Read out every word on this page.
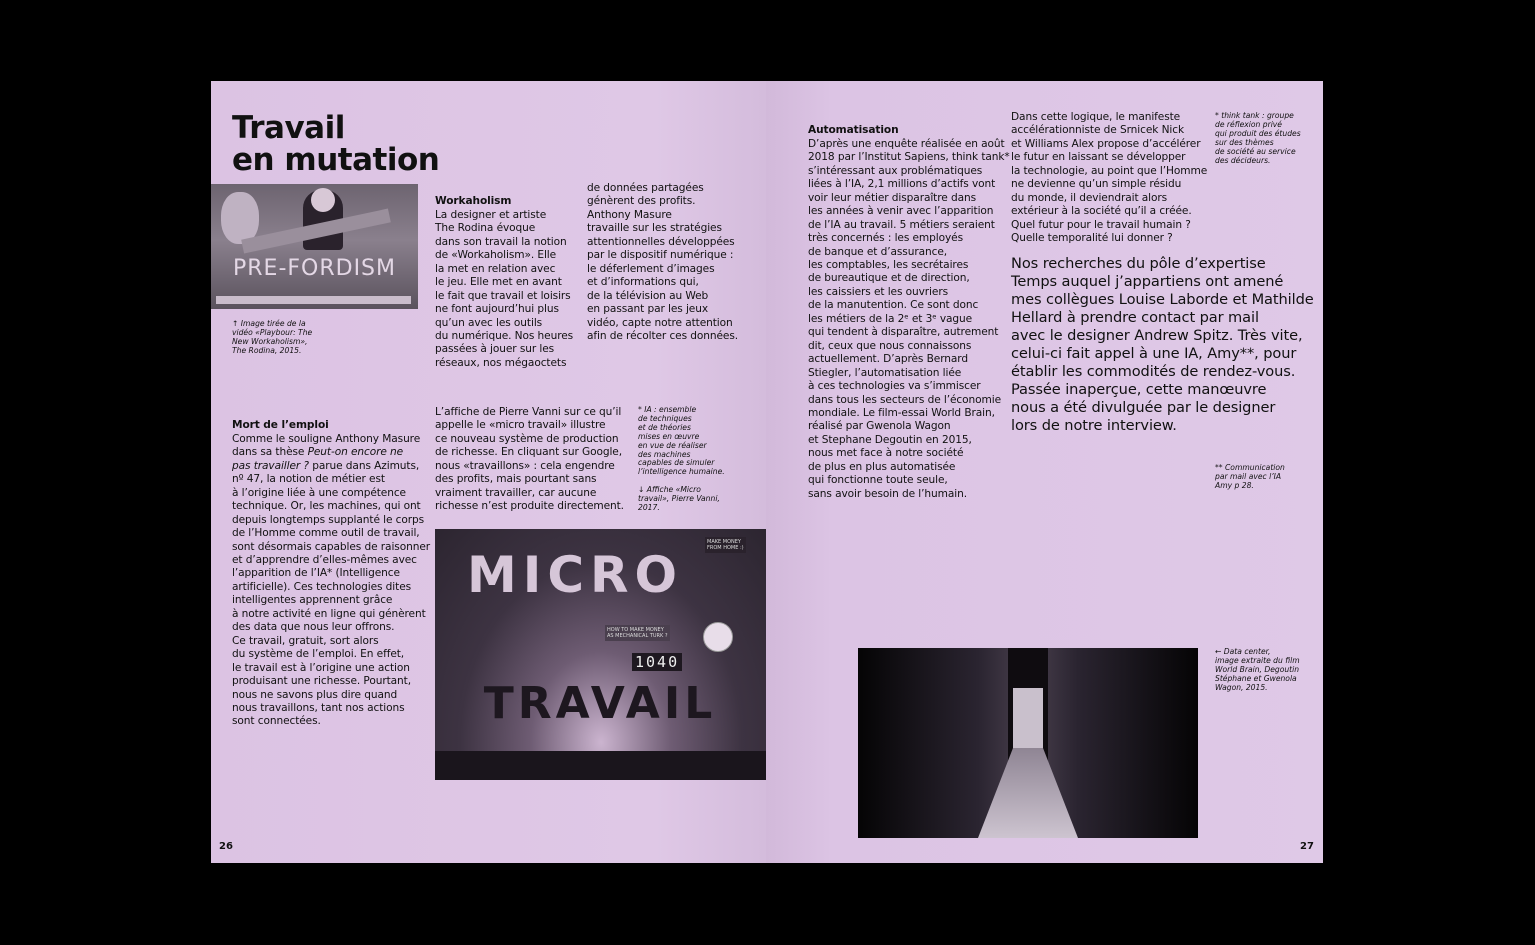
Travail
en mutation
PRE-FORDISM
↑ Image tirée de la
vidéo «Playbour: The
New Workaholism»,
The Rodina, 2015.

Workaholism
La designer et artiste
The Rodina évoque
dans son travail la notion
de «Workaholism». Elle
la met en relation avec
le jeu. Elle met en avant
le fait que travail et loisirs
ne font aujourd’hui plus
qu’un avec les outils
du numérique. Nos heures
passées à jouer sur les
réseaux, nos mégaoctets

de données partagées
génèrent des profits.
Anthony Masure
travaille sur les stratégies
attentionnelles développées
par le dispositif numérique :
le déferlement d’images
et d’informations qui,
de la télévision au Web
en passant par les jeux
vidéo, capte notre attention
afin de récolter ces données.

Mort de l’emploi
Comme le souligne Anthony Masure
dans sa thèse Peut-on encore ne
pas travailler ? parue dans Azimuts,
nº 47, la notion de métier est
à l’origine liée à une compétence
technique. Or, les machines, qui ont
depuis longtemps supplanté le corps
de l’Homme comme outil de travail,
sont désormais capables de raisonner
et d’apprendre d’elles-mêmes avec
l’apparition de l’IA* (Intelligence
artificielle). Ces technologies dites
intelligentes apprennent grâce
à notre activité en ligne qui génèrent
des data que nous leur offrons.
Ce travail, gratuit, sort alors
du système de l’emploi. En effet,
le travail est à l’origine une action
produisant une richesse. Pourtant,
nous ne savons plus dire quand
nous travaillons, tant nos actions
sont connectées.

L’affiche de Pierre Vanni sur ce qu’il
appelle le «micro travail» illustre
ce nouveau système de production
de richesse. En cliquant sur Google,
nous «travaillons» : cela engendre
des profits, mais pourtant sans
vraiment travailler, car aucune
richesse n’est produite directement.
* IA : ensemble
de techniques
et de théories
mises en œuvre
en vue de réaliser
des machines
capables de simuler
l’intelligence humaine.
↓ Affiche «Micro
travail», Pierre Vanni,
2017.
MICRO
TRAVAIL
MAKE MONEY
FROM HOME :)
HOW TO MAKE MONEY
AS MECHANICAL TURK ?
1040
26

Automatisation
D’après une enquête réalisée en août
2018 par l’Institut Sapiens, think tank*
s’intéressant aux problématiques
liées à l’IA, 2,1 millions d’actifs vont
voir leur métier disparaître dans
les années à venir avec l’apparition
de l’IA au travail. 5 métiers seraient
très concernés : les employés
de banque et d’assurance,
les comptables, les secrétaires
de bureautique et de direction,
les caissiers et les ouvriers
de la manutention. Ce sont donc
les métiers de la 2ᵉ et 3ᵉ vague
qui tendent à disparaître, autrement
dit, ceux que nous connaissons
actuellement. D’après Bernard
Stiegler, l’automatisation liée
à ces technologies va s’immiscer
dans tous les secteurs de l’économie
mondiale. Le film-essai World Brain,
réalisé par Gwenola Wagon
et Stephane Degoutin en 2015,
nous met face à notre société
de plus en plus automatisée
qui fonctionne toute seule,
sans avoir besoin de l’humain.

Dans cette logique, le manifeste
accélérationniste de Srnicek Nick
et Williams Alex propose d’accélérer
le futur en laissant se développer
la technologie, au point que l’Homme
ne devienne qu’un simple résidu
du monde, il deviendrait alors
extérieur à la société qu’il a créée.
Quel futur pour le travail humain ?
Quelle temporalité lui donner ?
* think tank : groupe
de réflexion privé
qui produit des études
sur des thèmes
de société au service
des décideurs.
Nos recherches du pôle d’expertise
Temps auquel j’appartiens ont amené
mes collègues Louise Laborde et Mathilde
Hellard à prendre contact par mail
avec le designer Andrew Spitz. Très vite,
celui-ci fait appel à une IA, Amy**, pour
établir les commodités de rendez-vous.
Passée inaperçue, cette manœuvre
nous a été divulguée par le designer
lors de notre interview.
** Communication
par mail avec l’IA
Amy p 28.
← Data center,
image extraite du film
World Brain, Degoutin
Stéphane et Gwenola
Wagon, 2015.
27
